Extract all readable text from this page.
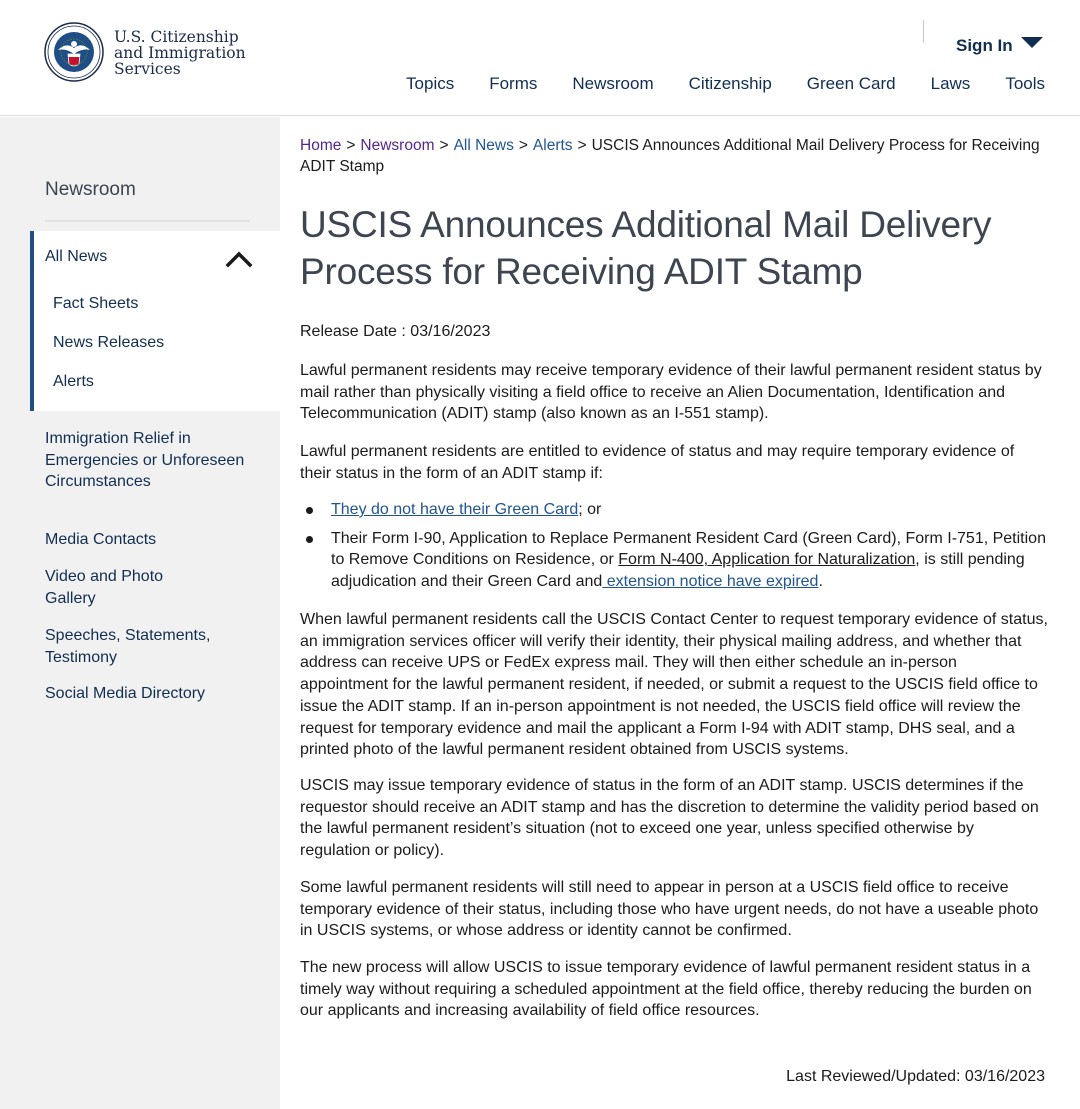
U.S. Citizenship
and Immigration
Services
Sign In
Topics Forms Newsroom Citizenship Green Card Laws Tools
Newsroom
All News
Fact Sheets
News Releases
Alerts
Immigration Relief in Emergencies or Unforeseen Circumstances
Media Contacts
Video and Photo Gallery
Speeches, Statements, Testimony
Social Media Directory
Home > Newsroom > All News > Alerts > USCIS Announces Additional Mail Delivery Process for Receiving ADIT Stamp
USCIS Announces Additional Mail Delivery Process for Receiving ADIT Stamp
Release Date : 03/16/2023

Lawful permanent residents may receive temporary evidence of their lawful permanent resident status by mail rather than physically visiting a field office to receive an Alien Documentation, Identification and Telecommunication (ADIT) stamp (also known as an I-551 stamp).

Lawful permanent residents are entitled to evidence of status and may require temporary evidence of their status in the form of an ADIT stamp if:

They do not have their Green Card; or
Their Form I-90, Application to Replace Permanent Resident Card (Green Card), Form I-751, Petition to Remove Conditions on Residence, or Form N-400, Application for Naturalization, is still pending adjudication and their Green Card and extension notice have expired.

When lawful permanent residents call the USCIS Contact Center to request temporary evidence of status, an immigration services officer will verify their identity, their physical mailing address, and whether that address can receive UPS or FedEx express mail. They will then either schedule an in-person appointment for the lawful permanent resident, if needed, or submit a request to the USCIS field office to issue the ADIT stamp. If an in-person appointment is not needed, the USCIS field office will review the request for temporary evidence and mail the applicant a Form I-94 with ADIT stamp, DHS seal, and a printed photo of the lawful permanent resident obtained from USCIS systems.

USCIS may issue temporary evidence of status in the form of an ADIT stamp. USCIS determines if the requestor should receive an ADIT stamp and has the discretion to determine the validity period based on the lawful permanent resident’s situation (not to exceed one year, unless specified otherwise by regulation or policy).

Some lawful permanent residents will still need to appear in person at a USCIS field office to receive temporary evidence of their status, including those who have urgent needs, do not have a useable photo in USCIS systems, or whose address or identity cannot be confirmed.

The new process will allow USCIS to issue temporary evidence of lawful permanent resident status in a timely way without requiring a scheduled appointment at the field office, thereby reducing the burden on our applicants and increasing availability of field office resources.

Last Reviewed/Updated: 03/16/2023
